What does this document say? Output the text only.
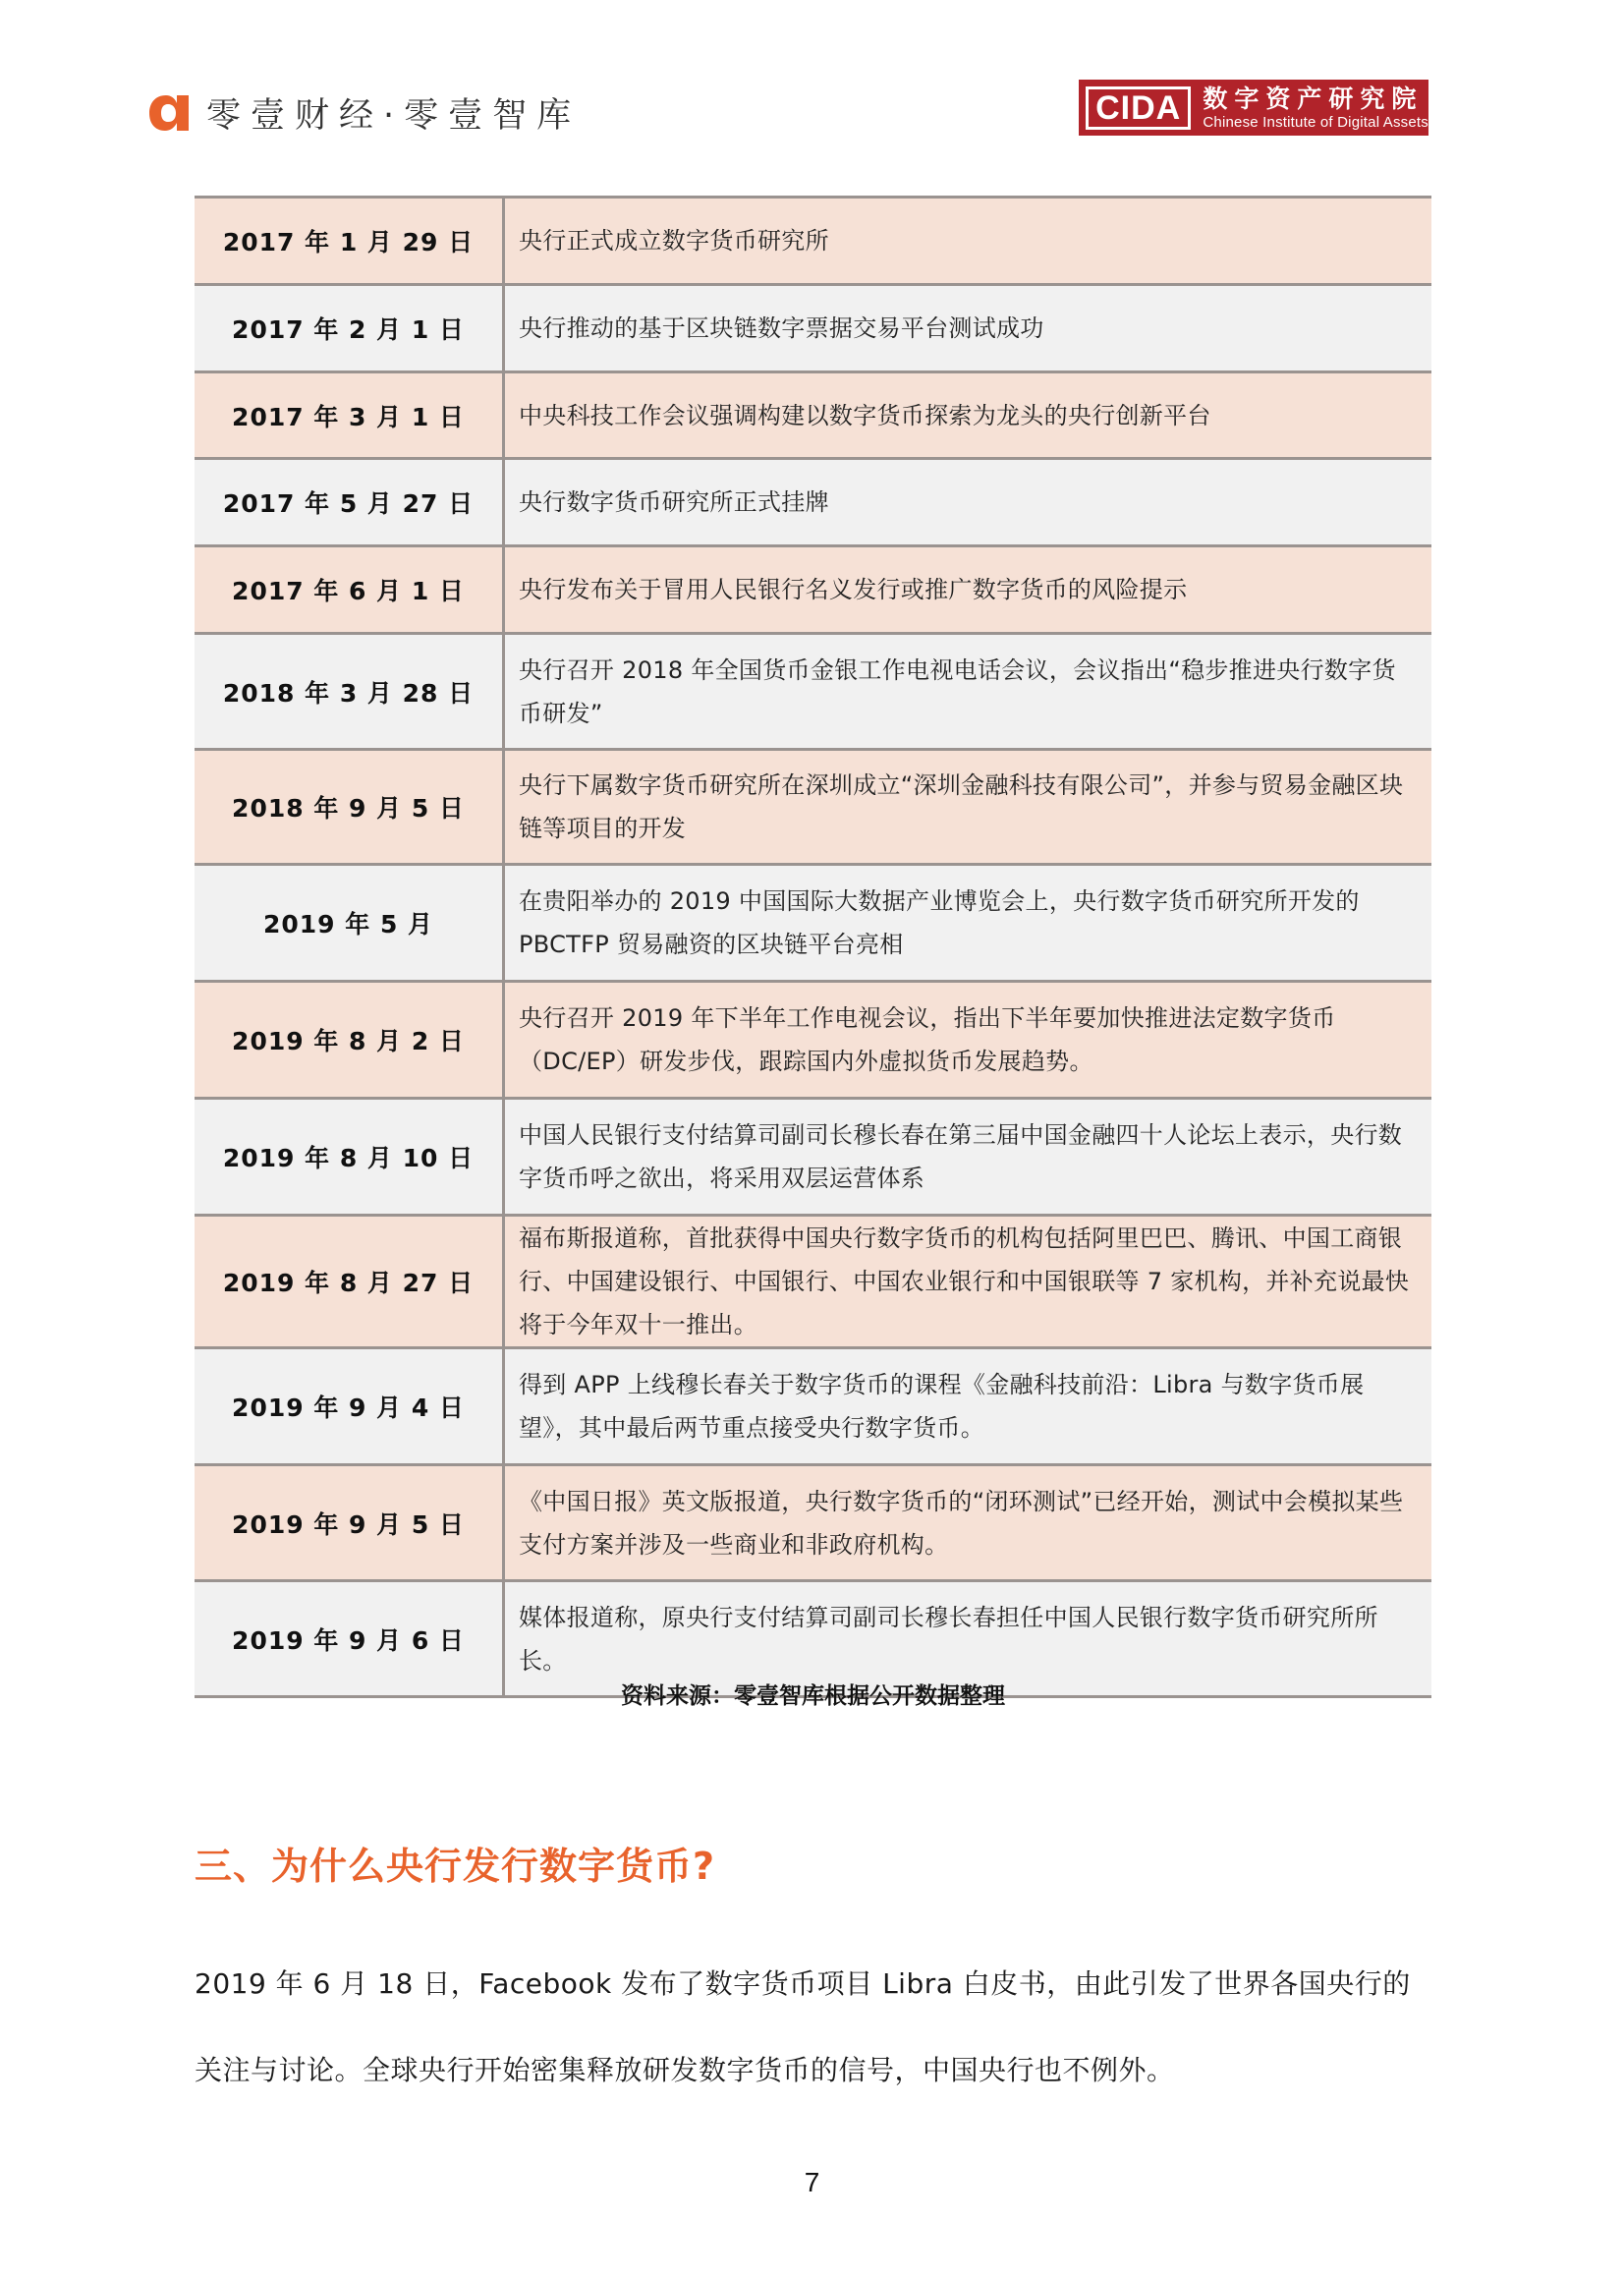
零壹财经·零壹智库	CIDA 数字资产研究院
Chinese Institute of Digital Assets
2017 年 1 月 29 日	央行正式成立数字货币研究所
2017 年 2 月 1 日	央行推动的基于区块链数字票据交易平台测试成功
2017 年 3 月 1 日	中央科技工作会议强调构建以数字货币探索为龙头的央行创新平台
2017 年 5 月 27 日	央行数字货币研究所正式挂牌
2017 年 6 月 1 日	央行发布关于冒用人民银行名义发行或推广数字货币的风险提示
2018 年 3 月 28 日	央行召开 2018 年全国货币金银工作电视电话会议，会议指出“稳步推进央行数字货币研发”
2018 年 9 月 5 日	央行下属数字货币研究所在深圳成立“深圳金融科技有限公司”，并参与贸易金融区块链等项目的开发
2019 年 5 月	在贵阳举办的 2019 中国国际大数据产业博览会上，央行数字货币研究所开发的 PBCTFP 贸易融资的区块链平台亮相
2019 年 8 月 2 日	央行召开 2019 年下半年工作电视会议，指出下半年要加快推进法定数字货币（DC/EP）研发步伐，跟踪国内外虚拟货币发展趋势。
2019 年 8 月 10 日	中国人民银行支付结算司副司长穆长春在第三届中国金融四十人论坛上表示，央行数字货币呼之欲出，将采用双层运营体系
2019 年 8 月 27 日	福布斯报道称，首批获得中国央行数字货币的机构包括阿里巴巴、腾讯、中国工商银行、中国建设银行、中国银行、中国农业银行和中国银联等 7 家机构，并补充说最快将于今年双十一推出。
2019 年 9 月 4 日	得到 APP 上线穆长春关于数字货币的课程《金融科技前沿：Libra 与数字货币展望》，其中最后两节重点接受央行数字货币。
2019 年 9 月 5 日	《中国日报》英文版报道，央行数字货币的“闭环测试”已经开始，测试中会模拟某些支付方案并涉及一些商业和非政府机构。
2019 年 9 月 6 日	媒体报道称，原央行支付结算司副司长穆长春担任中国人民银行数字货币研究所所长。
资料来源：零壹智库根据公开数据整理
三、为什么央行发行数字货币?
2019 年 6 月 18 日，Facebook 发布了数字货币项目 Libra 白皮书，由此引发了世界各国央行的关注与讨论。全球央行开始密集释放研发数字货币的信号，中国央行也不例外。
7
